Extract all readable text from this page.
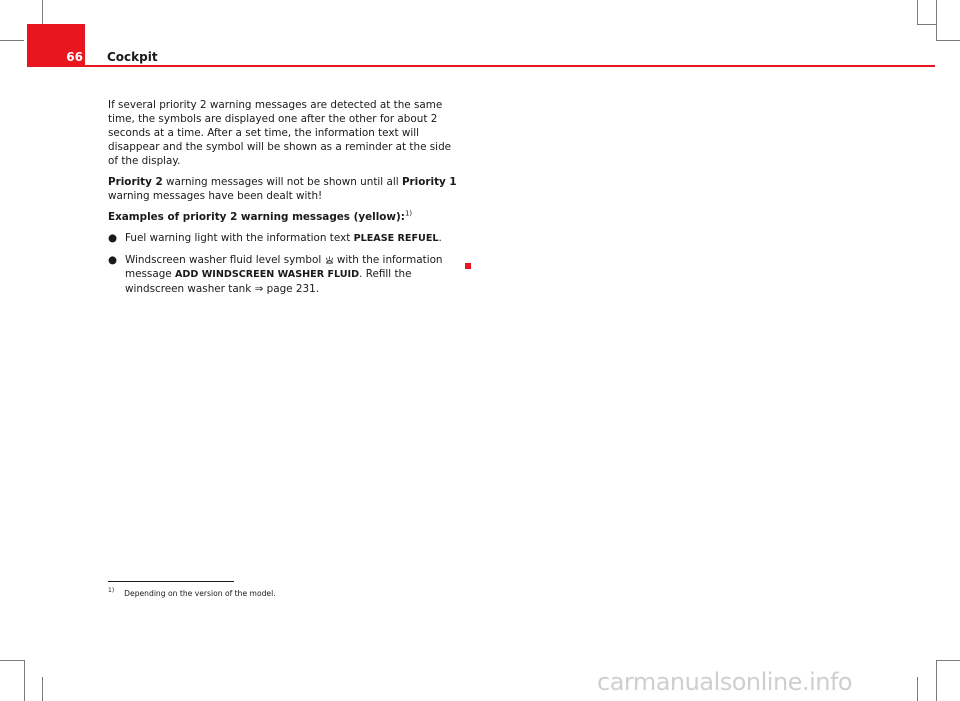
66 Cockpit

If several priority 2 warning messages are detected at the same time, the symbols are displayed one after the other for about 2 seconds at a time. After a set time, the information text will disappear and the symbol will be shown as a reminder at the side of the display.

Priority 2 warning messages will not be shown until all Priority 1 warning messages have been dealt with!

Examples of priority 2 warning messages (yellow):$^{1)}$

● Fuel warning light with the information text PLEASE REFUEL.
● Windscreen washer fluid level symbol  with the information message ADD WINDSCREEN WASHER FLUID. Refill the windscreen washer tank ⇒ page 231.
$^{1)}$ Depending on the version of the model.
carmanualsonline.info
